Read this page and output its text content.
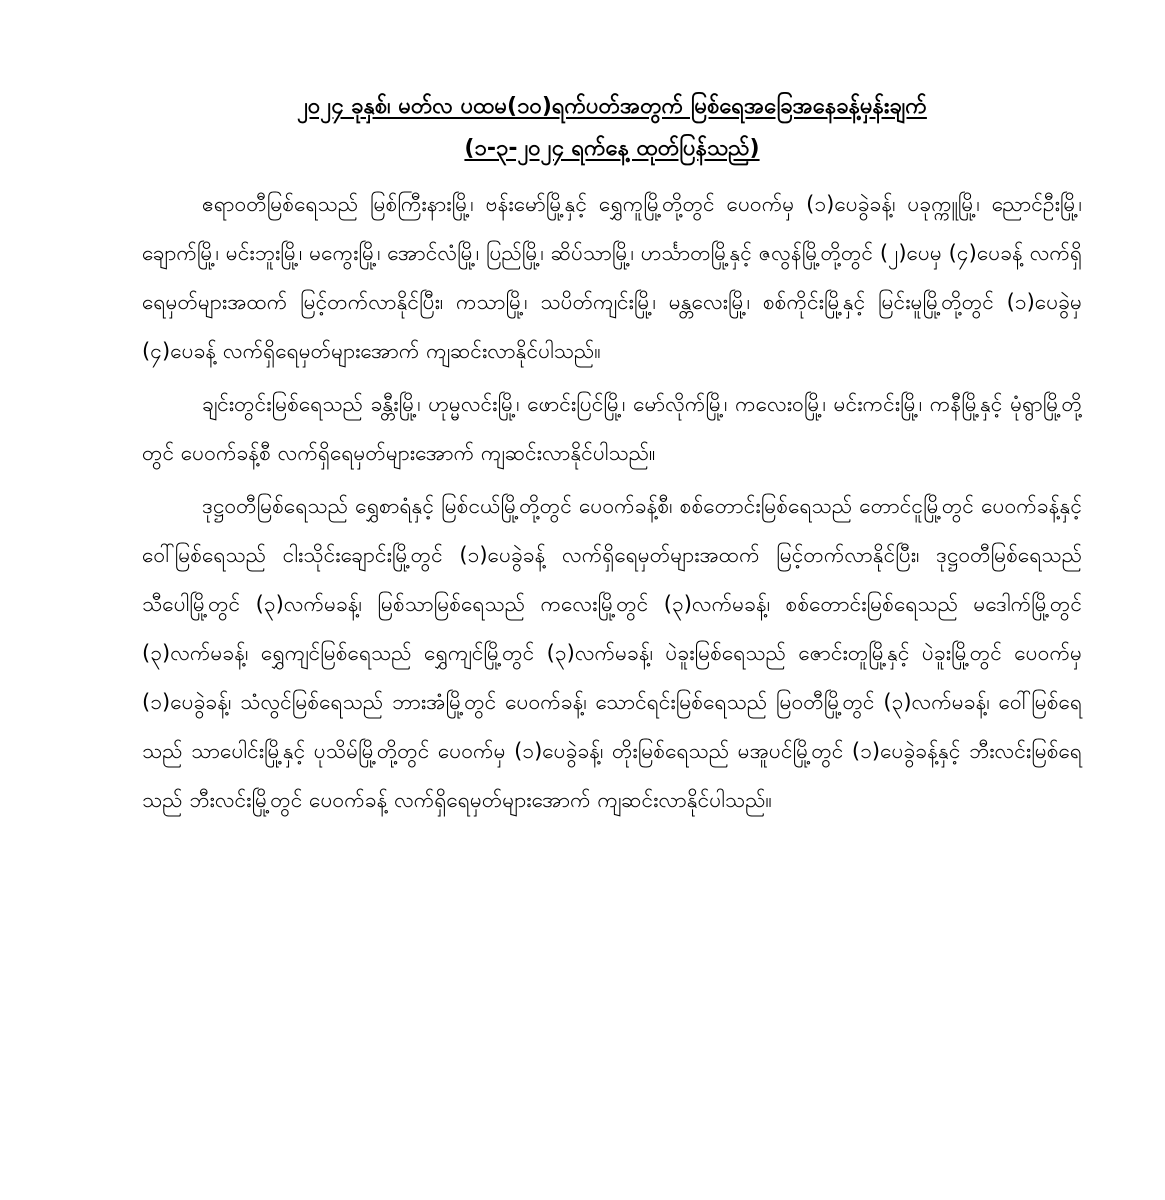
၂၀၂၄ ခုနှစ်၊ မတ်လ ပထမ(၁၀)ရက်ပတ်အတွက် မြစ်ရေအခြေအနေခန့်မှန်းချက်
(၁-၃-၂၀၂၄ ရက်နေ့ ထုတ်ပြန်သည်)

ဧရာဝတီမြစ်ရေသည် မြစ်ကြီးနားမြို့၊ ဗန်းမော်မြို့နှင့် ရွှေကူမြို့တို့တွင် ပေဝက်မှ (၁)ပေခွဲခန့်၊ ပခုက္ကူမြို့၊ ညောင်ဦးမြို့၊ ချောက်မြို့၊ မင်းဘူးမြို့၊ မကွေးမြို့၊ အောင်လံမြို့၊ ပြည်မြို့၊ ဆိပ်သာမြို့၊ ဟင်္သာတမြို့နှင့် ဇလွန်မြို့တို့တွင် (၂)ပေမှ (၄)ပေခန့် လက်ရှိရေမှတ်များအထက် မြင့်တက်လာနိုင်ပြီး၊ ကသာမြို့၊ သပိတ်ကျင်းမြို့၊ မန္တလေးမြို့၊ စစ်ကိုင်းမြို့နှင့် မြင်းမူမြို့တို့တွင် (၁)ပေခွဲမှ (၄)ပေခန့် လက်ရှိရေမှတ်များအောက် ကျဆင်းလာနိုင်ပါသည်။

ချင်းတွင်းမြစ်ရေသည် ခန္တီးမြို့၊ ဟုမ္မလင်းမြို့၊ ဖောင်းပြင်မြို့၊ မော်လိုက်မြို့၊ ကလေးဝမြို့၊ မင်းကင်းမြို့၊ ကနီမြို့နှင့် မုံရွာမြို့တို့တွင် ပေဝက်ခန့်စီ လက်ရှိရေမှတ်များအောက် ကျဆင်းလာနိုင်ပါသည်။

ဒုဋ္ဌဝတီမြစ်ရေသည် ရွှေစာရံနှင့် မြစ်ငယ်မြို့တို့တွင် ပေဝက်ခန့်စီ၊ စစ်တောင်းမြစ်ရေသည် တောင်ငူမြို့တွင် ပေဝက်ခန့်နှင့် ဝေါ်မြစ်ရေသည် ငါးသိုင်းချောင်းမြို့တွင် (၁)ပေခွဲခန့် လက်ရှိရေမှတ်များအထက် မြင့်တက်လာနိုင်ပြီး၊ ဒုဋ္ဌဝတီမြစ်ရေသည် သီပေါမြို့တွင် (၃)လက်မခန့်၊ မြစ်သာမြစ်ရေသည် ကလေးမြို့တွင် (၃)လက်မခန့်၊ စစ်တောင်းမြစ်ရေသည် မဒေါက်မြို့တွင် (၃)လက်မခန့်၊ ရွှေကျင်မြစ်ရေသည် ရွှေကျင်မြို့တွင် (၃)လက်မခန့်၊ ပဲခူးမြစ်ရေသည် ဇောင်းတူမြို့နှင့် ပဲခူးမြို့တွင် ပေဝက်မှ (၁)ပေခွဲခန့်၊ သံလွင်မြစ်ရေသည် ဘားအံမြို့တွင် ပေဝက်ခန့်၊ သောင်ရင်းမြစ်ရေသည် မြဝတီမြို့တွင် (၃)လက်မခန့်၊ ဝေါ်မြစ်ရေသည် သာပေါင်းမြို့နှင့် ပုသိမ်မြို့တို့တွင် ပေဝက်မှ (၁)ပေခွဲခန့်၊ တိုးမြစ်ရေသည် မအူပင်မြို့တွင် (၁)ပေခွဲခန့်နှင့် ဘီးလင်းမြစ်ရေသည် ဘီးလင်းမြို့တွင် ပေဝက်ခန့် လက်ရှိရေမှတ်များအောက် ကျဆင်းလာနိုင်ပါသည်။
